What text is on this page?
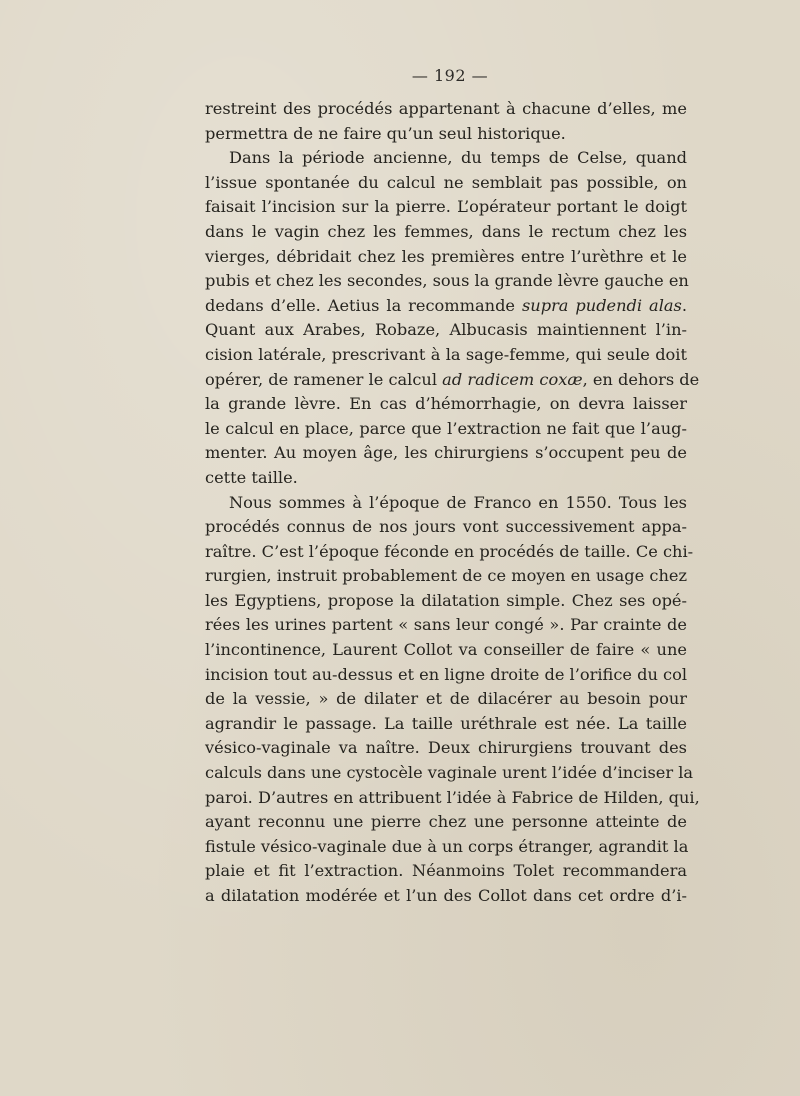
— 192 —
restreint des procédés appartenant à chacune d’elles, me
permettra de ne faire qu’un seul historique.
Dans la période ancienne, du temps de Celse, quand
l’issue spontanée du calcul ne semblait pas possible, on
faisait l’incision sur la pierre. L’opérateur portant le doigt
dans le vagin chez les femmes, dans le rectum chez les
vierges, débridait chez les premières entre l’urèthre et le
pubis et chez les secondes, sous la grande lèvre gauche en
dedans d’elle. Aetius la recommande supra pudendi alas.
Quant aux Arabes, Robaze, Albucasis maintiennent l’in-
cision latérale, prescrivant à la sage-femme, qui seule doit
opérer, de ramener le calcul ad radicem coxæ, en dehors de
la grande lèvre. En cas d’hémorrhagie, on devra laisser
le calcul en place, parce que l’extraction ne fait que l’aug-
menter. Au moyen âge, les chirurgiens s’occupent peu de
cette taille.
Nous sommes à l’époque de Franco en 1550. Tous les
procédés connus de nos jours vont successivement appa-
raître. C’est l’époque féconde en procédés de taille. Ce chi-
rurgien, instruit probablement de ce moyen en usage chez
les Egyptiens, propose la dilatation simple. Chez ses opé-
rées les urines partent « sans leur congé ». Par crainte de
l’incontinence, Laurent Collot va conseiller de faire « une
incision tout au-dessus et en ligne droite de l’orifice du col
de la vessie, » de dilater et de dilacérer au besoin pour
agrandir le passage. La taille uréthrale est née. La taille
vésico-vaginale va naître. Deux chirurgiens trouvant des
calculs dans une cystocèle vaginale urent l’idée d’inciser la
paroi. D’autres en attribuent l’idée à Fabrice de Hilden, qui,
ayant reconnu une pierre chez une personne atteinte de
fistule vésico-vaginale due à un corps étranger, agrandit la
plaie et fit l’extraction. Néanmoins Tolet recommandera
a dilatation modérée et l’un des Collot dans cet ordre d’i-
